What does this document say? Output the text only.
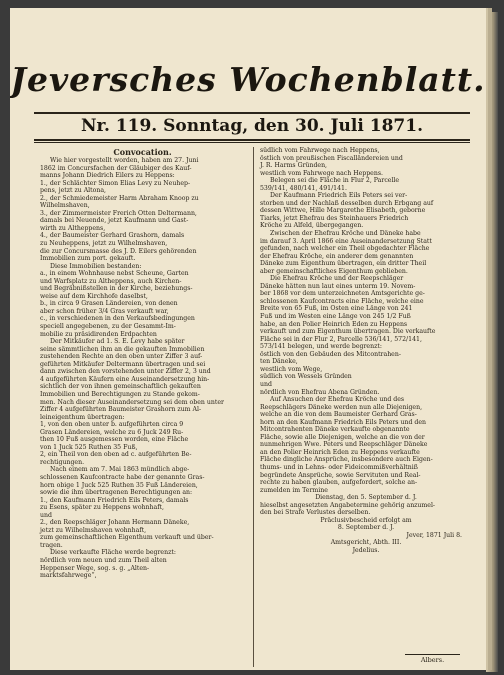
Jeversches Wochenblatt.
Nr. 119. Sonntag, den 30. Juli 1871.

Convocation.

Wie hier vorgestellt worden, haben am 27. Juni

1862 im Concursfachen der Gläubiger des Kauf-

manns Johann Diedrich Eilers zu Heppens:

1., der Schlächter Simon Elias Levy zu Neuhep-

pens, jetzt zu Altona,

2., der Schmiedemeister Harm Abraham Knoop zu

Wilhelmshaven,

3., der Zimmermeister Frerich Otten Deltermann,

damals bei Neuende, jetzt Kaufmann und Gast-

wirth zu Altheppens,

4., der Baumeister Gerhard Grashorn, damals

zu Neuheppens, jetzt zu Wilhelmshaven,

die zur Concursmasse des J. D. Eilers gehörenden

Immobilien zum port. gekauft.

Diese Immobilien bestanden:

a., in einem Wohnhause nebst Scheune, Garten

und Warfsplatz zu Altheppens, auch Kirchen-

und Begräbnißstellen in der Kirche, beziehungs-

weise auf dem Kirchhofe daselbst,

b., in circa 9 Grasen Ländereien, von denen

aber schon früher 3/4 Gras verkauft war,

c., in verschiedenen in den Verkaufsbedingungen

speciell angegebenen, zu der Gesammt-Im-

mobilie zu präsidirenden Erdpachten

Der Mitkäufer ad 1. S. E. Levy habe später

seine sämmtlichen ihm an die gekauften Immobilien

zustehenden Rechte an den oben unter Ziffer 3 auf-

geführten Mitkäufer Deltermann übertragen und sei

dann zwischen den vorstehenden unter Ziffer 2, 3 und

4 aufgeführten Käufern eine Auseinandersetzung hin-

sichtlich der von ihnen gemeinschaftlich gekauften

Immobilien und Berechtigungen zu Stande gekom-

men. Nach dieser Auseinandersetzung sei dem oben unter

Ziffer 4 aufgeführten Baumeister Grashorn zum Al-

leineigenthum übertragen:

1, von den oben unter b. aufgeführten circa 9

Grasen Ländereien, welche zu 6 Juck 249 Ru-

then 10 Fuß ausgemessen worden, eine Fläche

von 1 Juck 525 Ruthen 35 Fuß,

2, ein Theil von den oben ad c. aufgeführten Be-

rechtigungen.

Nach einem am 7. Mai 1863 mündlich abge-

schlossenen Kaufcontracte habe der genannte Gras-

horn obige 1 Juck 525 Ruthen 35 Fuß Ländereien,

sowie die ihm übertragenen Berechtigungen an:

1., den Kaufmann Friedrich Eils Peters, damals

zu Esens, später zu Heppens wohnhaft,

und

2., den Reepschläger Johann Hermann Däneke,

jetzt zu Wilhelmshaven wohnhaft,

zum gemeinschaftlichen Eigenthum verkauft und über-

tragen.

Diese verkaufte Fläche werde begrenzt:

nördlich vom neuen und zum Theil alten

Heppenser Wege, sog. s. g. „Alten-

marktsfahrwege“,

südlich vom Fahrwege nach Heppens,

östlich von preußischen Fiscalländereien und

J. R. Harms Gründen,

westlich vom Fahrwege nach Heppens.

Belegen sei die Fläche in Flur 2, Parcelle

539/141, 480/141, 491/141.

Der Kaufmann Friedrich Eils Peters sei ver-

storben und der Nachlaß desselben durch Erbgang auf

dessen Wittwe, Hille Margarethe Elisabeth, geborne

Tiarks, jetzt Ehefrau des Steinhauers Friedrich

Kröche zu Alfeld, übergegangen.

Zwischen der Ehefrau Kröche und Däneke habe

im darauf 3. April 1866 eine Auseinandersetzung Statt

gefunden, nach welcher ein Theil obgedachter Fläche

der Ehefrau Kröche, ein anderer dem genannten

Däneke zum Eigenthum übertragen, ein dritter Theil

aber gemeinschaftliches Eigenthum geblieben.

Die Ehefrau Kröche und der Reepschläger

Däneke hätten nun laut eines unterm 19. Novem-

ber 1868 vor dem unterzeichneten Amtsgerichte ge-

schlossenen Kaufcontracts eine Fläche, welche eine

Breite von 65 Fuß, im Osten eine Länge von 241

Fuß und im Westen eine Länge von 245 1/2 Fuß

habe, an den Polier Heinrich Eden zu Heppens

verkauft und zum Eigenthum übertragen. Die verkaufte

Fläche sei in der Flur 2, Parcelle 536/141, 572/141,

573/141 belegen, und werde begrenzt:

östlich von den Gebäuden des Mitcontrahen-

ten Däneke,

westlich vom Wege,

südlich von Wessels Gründen

und

nördlich von Ehefrau Abena Gründen.

Auf Ansuchen der Ehefrau Kröche und des

Reepschlägers Däneke werden nun alle Diejenigen,

welche an die von dem Baumeister Gerhard Gras-

horn an den Kaufmann Friedrich Eils Peters und den

Mitcontrahenten Däneke verkaufte obgenannte

Fläche, sowie alle Diejenigen, welche an die von der

nunmehrigen Wwe. Peters und Reepschläger Däneke

an den Polier Heinrich Eden zu Heppens verkaufte

Fläche dingliche Ansprüche, insbesondere auch Eigen-

thums- und in Lehns- oder Fideicommißverhältniß

begründete Ansprüche, sowie Servituten und Real-

rechte zu haben glauben, aufgefordert, solche an-

zumelden im Termine

Dienstag, den 5. September d. J.

hieselbst angesetzten Angabetermine gehörig anzumel-

den bei Strafe Verlustes derselben.

Präclusivbescheid erfolgt am

8. September d. J.

Jever, 1871 Juli 8.

Amtsgericht, Abth. III.

Jedelius.

Albers.
